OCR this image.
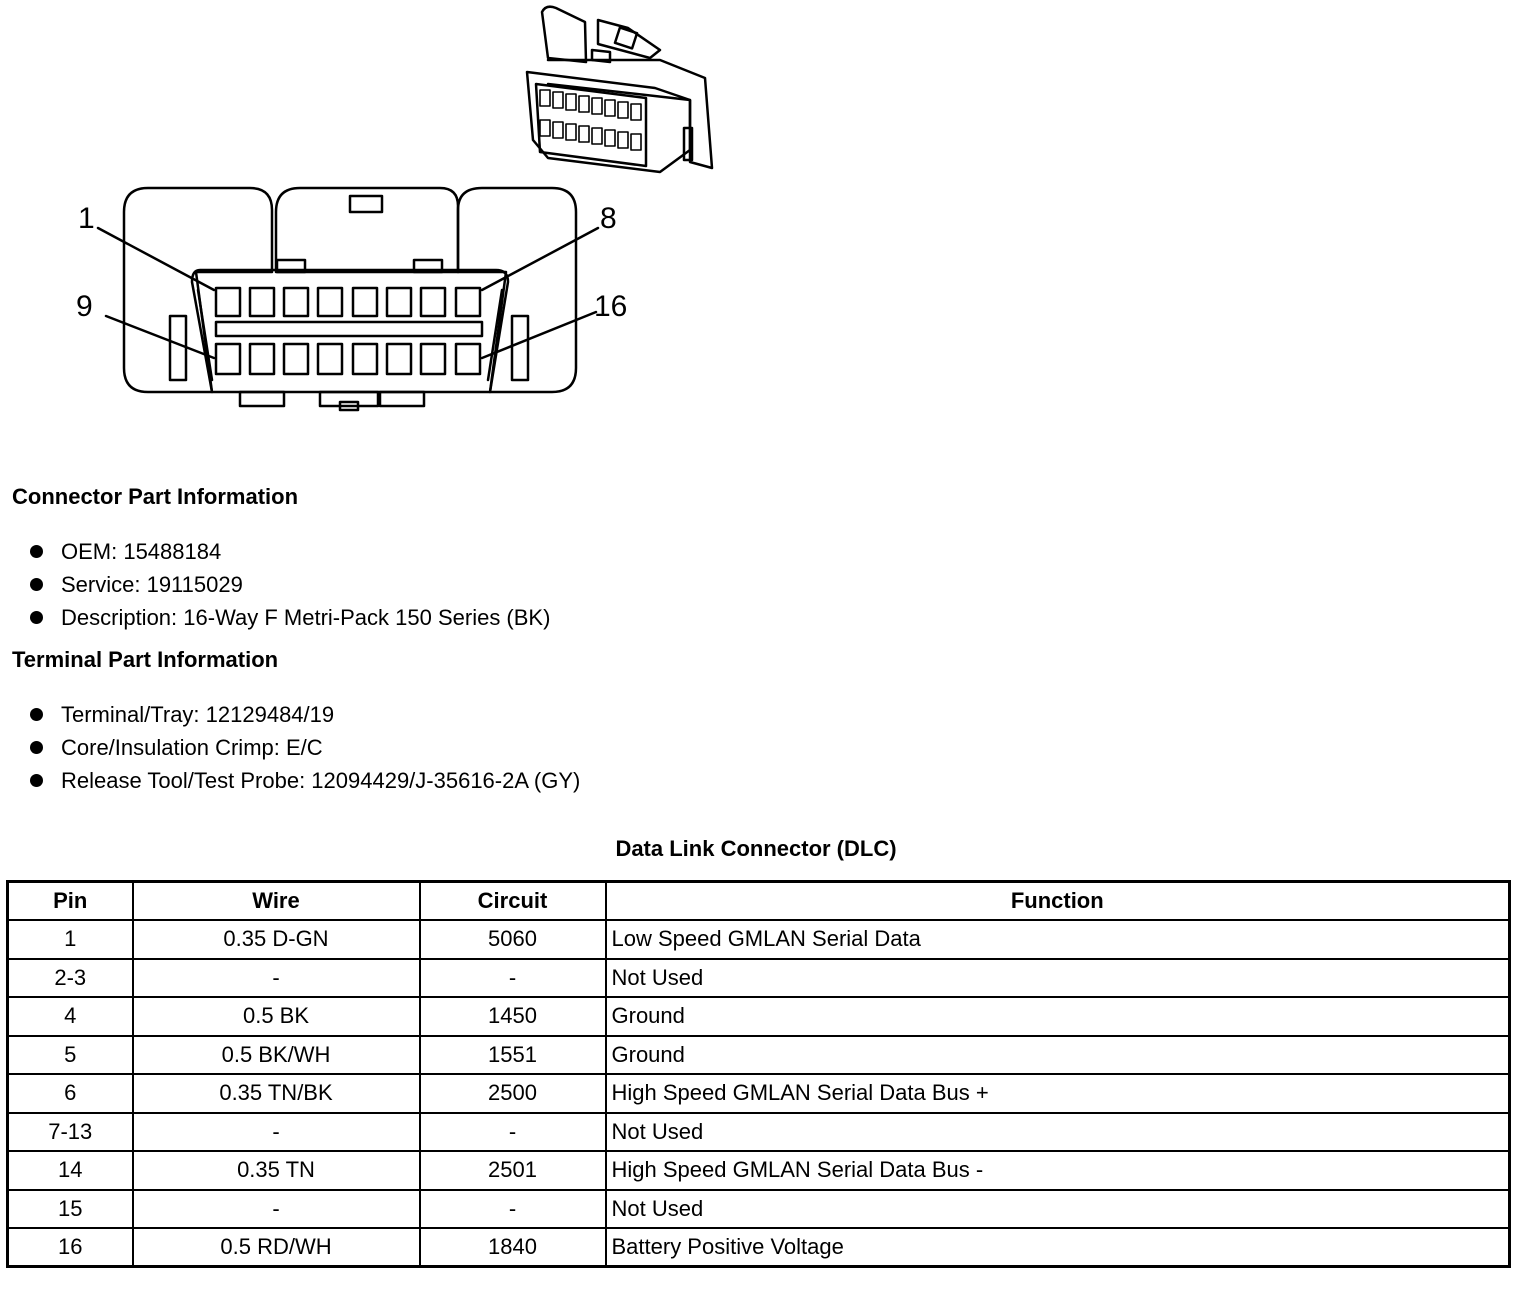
1	8
9	16
Connector Part Information
OEM: 15488184
Service: 19115029
Description: 16-Way F Metri-Pack 150 Series (BK)
Terminal Part Information
Terminal/Tray: 12129484/19
Core/Insulation Crimp: E/C
Release Tool/Test Probe: 12094429/J-35616-2A (GY)
Data Link Connector (DLC)
Pin	Wire	Circuit	Function
1	0.35 D-GN	5060	Low Speed GMLAN Serial Data
2-3	-	-	Not Used
4	0.5 BK	1450	Ground
5	0.5 BK/WH	1551	Ground
6	0.35 TN/BK	2500	High Speed GMLAN Serial Data Bus +
7-13	-	-	Not Used
14	0.35 TN	2501	High Speed GMLAN Serial Data Bus -
15	-	-	Not Used
16	0.5 RD/WH	1840	Battery Positive Voltage
